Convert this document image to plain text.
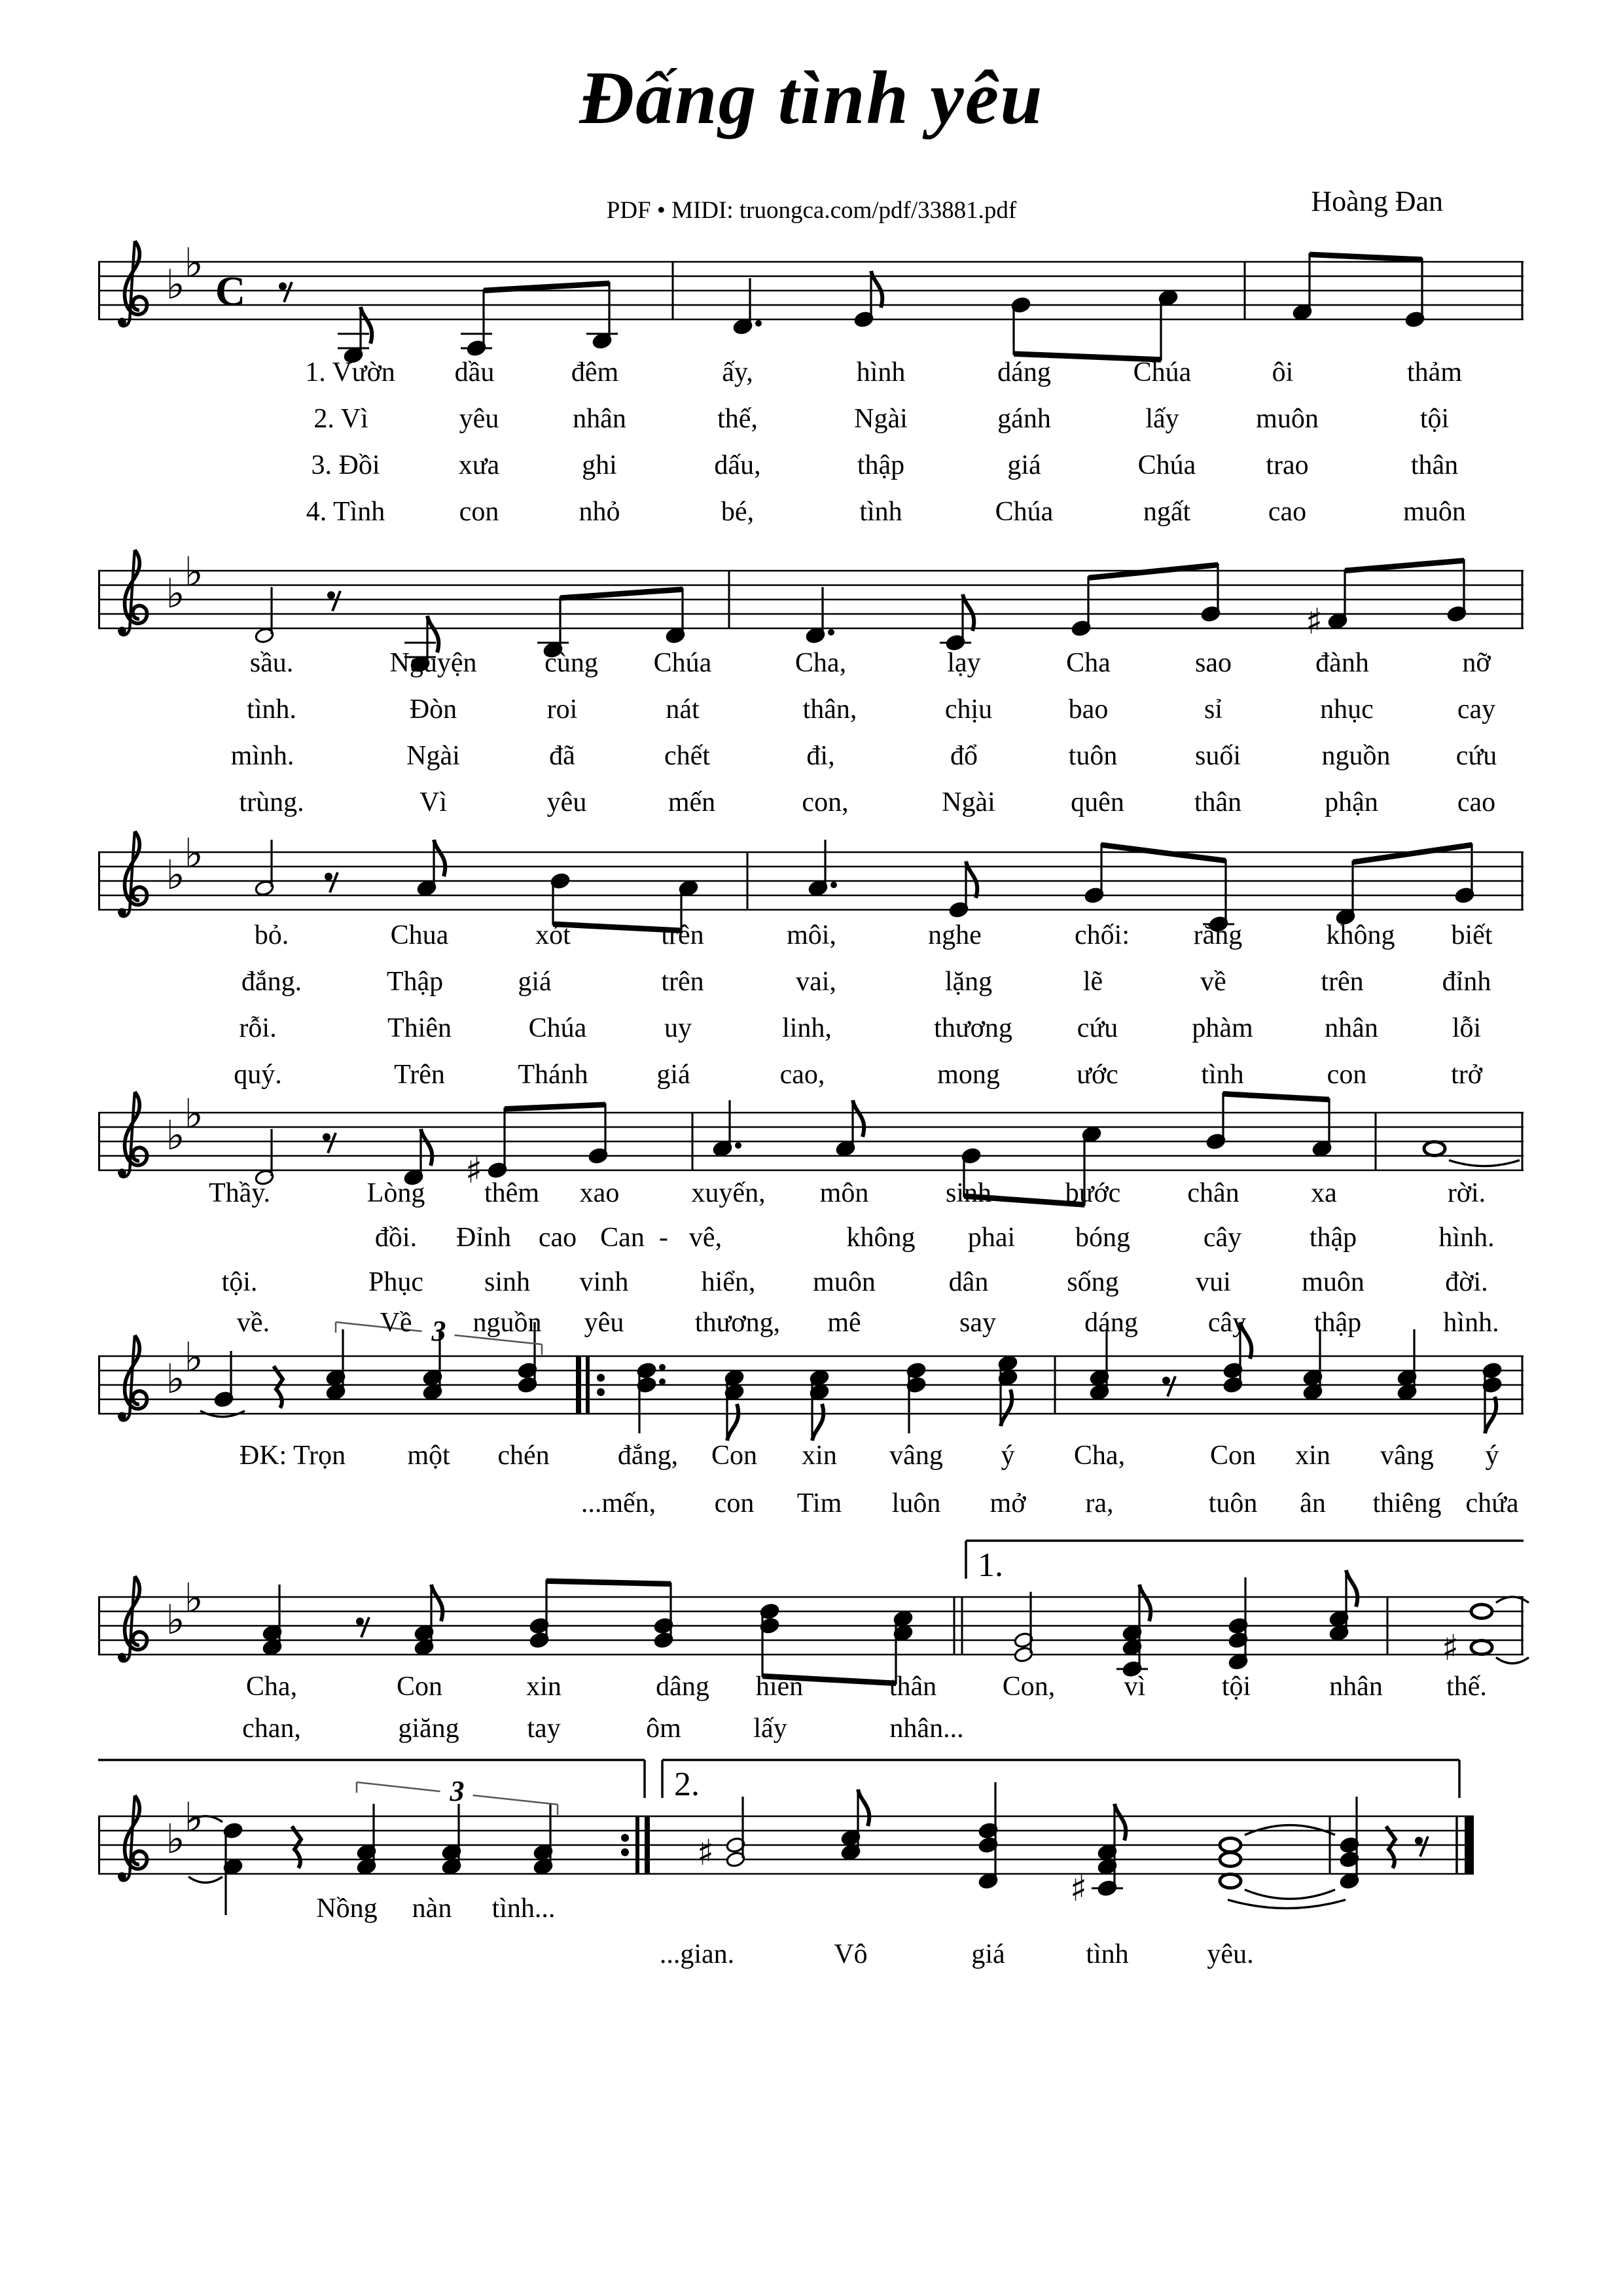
Đấng tình yêu
PDF • MIDI: truongca.com/pdf/33881.pdf	Hoàng Đan
♭
♭
C
♭
♭
♯
♭
♭
♭
♭
♯
♭
♭
3
♭
♭
1.
♯
♭
♭
2.
3
♯
♯
1. Vườn dầu	đêm	ấy,	hình	dáng	Chúa	ôi	thảm
2. Vì	yêu	nhân	thế,	Ngài	gánh	lấy	muôn	tội
3. Đồi	xưa	ghi	dấu,	thập	giá	Chúa	trao	thân
4. Tình	con	nhỏ	bé,	tình	Chúa	ngất	cao	muôn
sầu.	Nguyện cùng Chúa	Cha,	lạy	Cha	sao	đành	nỡ
tình.	Đòn	roi	nát	thân,	chịu	bao	sỉ	nhục	cay
mình.	Ngài	đã	chết	đi,	đổ	tuôn	suối	nguồn cứu
trùng.	Vì	yêu	mến	con,	Ngài	quên	thân	phận	cao
bỏ.	Chua	xót	trên	môi,	nghe	chối: rằng	không biết
đắng.	Thập	giá	trên	vai,	lặng	lẽ	về	trên	đỉnh
rỗi.	Thiên	Chúa	uy	linh,	thương cứu	phàm	nhân	lỗi
quý.	Trên	Thánh giá	cao,	mong	ước	tình	con	trở
Thầy.	Lòng thêm xao	xuyến, môn	sinh	bước chân	xa	rời.
đồi. Đỉnh cao Can - vê,	không phai bóng	cây thập	hình.
tội.	Phục sinh vinh	hiển, muôn	dân	sống	vui	muôn	đời.
về.	Về nguồn yêu	thương, mê	say	dáng	cây thập	hình.
ĐK: Trọn một chén đắng, Con xin vâng ý Cha,	Con xin vâng ý
...mến, con Tim luôn mở ra,	tuôn ân thiêng chứa
Cha,	Con	xin	dâng hiến	thân Con,	vì	tội	nhân thế.
chan,	giăng tay	ôm	lấy	nhân...
Nồng nàn tình...
...gian.	Vô	giá	tình	yêu.
